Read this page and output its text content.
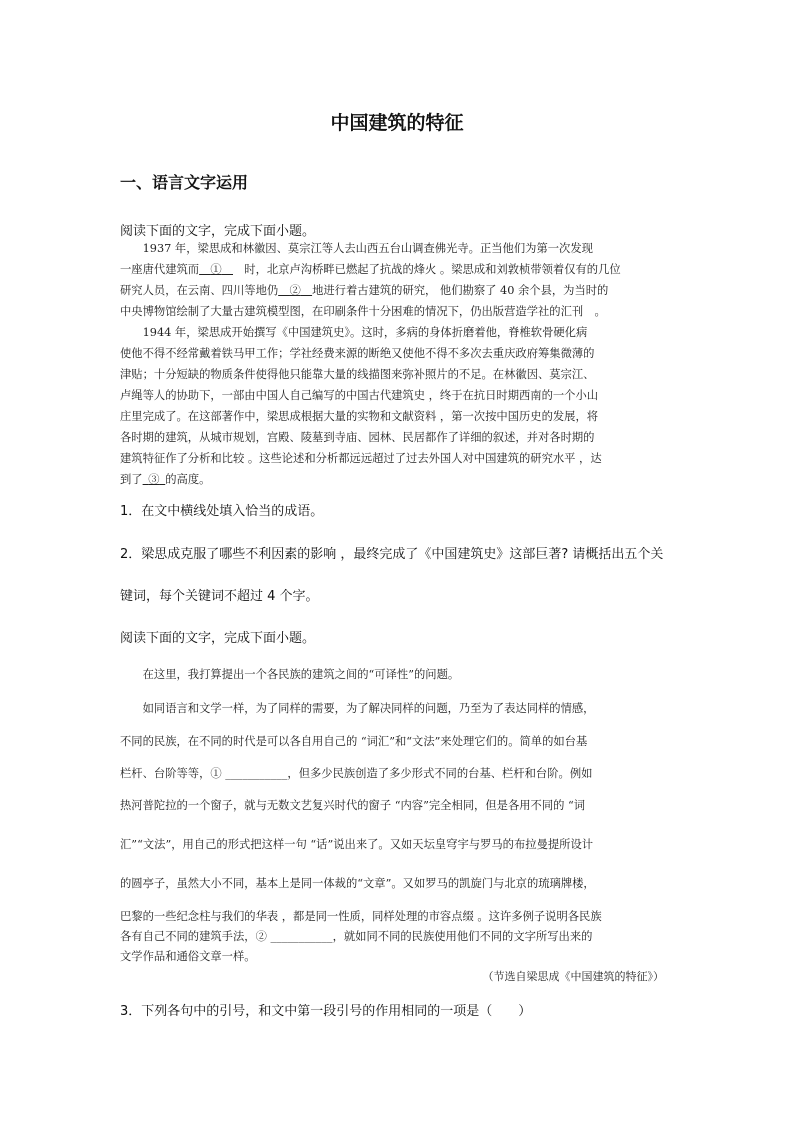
中国建筑的特征
一、语言文字运用
阅读下面的文字，完成下面小题。
　　1937 年，梁思成和林徽因、莫宗江等人去山西五台山调查佛光寺。正当他们为第一次发现
一座唐代建筑而  ① 　时，北京卢沟桥畔已燃起了抗战的烽火 。梁思成和刘敦桢带领着仅有的几位
研究人员，在云南、四川等地仍  ②  地进行着古建筑的研究， 他们勘察了 40 余个县，为当时的
中央博物馆绘制了大量古建筑模型图，在印刷条件十分困难的情况下，仍出版营造学社的汇刊　。
　　1944 年，梁思成开始撰写《中国建筑史》。这时，多病的身体折磨着他，脊椎软骨硬化病
使他不得不经常戴着铁马甲工作；学社经费来源的断绝又使他不得不多次去重庆政府筹集微薄的
津贴；十分短缺的物质条件使得他只能靠大量的线描图来弥补照片的不足。在林徽因、莫宗江、
卢绳等人的协助下，一部由中国人自己编写的中国古代建筑史 ，终于在抗日时期西南的一个小山
庄里完成了。在这部著作中，梁思成根据大量的实物和文献资料 ，第一次按中国历史的发展，将
各时期的建筑，从城市规划，宫殿、陵墓到寺庙、园林、民居都作了详细的叙述，并对各时期的
建筑特征作了分析和比较 。这些论述和分析都远远超过了过去外国人对中国建筑的研究水平 ，达
到了  ③  的高度。
1．在文中横线处填入恰当的成语。
2．梁思成克服了哪些不利因素的影响 ，最终完成了《中国建筑史》这部巨著? 请概括出五个关
键词，每个关键词不超过 4 个字。
阅读下面的文字，完成下面小题。
　　在这里，我打算提出一个各民族的建筑之间的“可译性”的问题。
　　如同语言和文学一样，为了同样的需要，为了解决同样的问题，乃至为了表达同样的情感，
不同的民族，在不同的时代是可以各自用自己的 “词汇”和“文法”来处理它们的。简单的如台基
栏杆、台阶等等，① ___________，但多少民族创造了多少形式不同的台基、栏杆和台阶。例如
热河普陀拉的一个窗子，就与无数文艺复兴时代的窗子 “内容”完全相同，但是各用不同的 “词
汇”“文法”，用自己的形式把这样一句 “话”说出来了。又如天坛皇穹宇与罗马的布拉曼提所设计
的圆亭子，虽然大小不同，基本上是同一体裁的“文章”。又如罗马的凯旋门与北京的琉璃牌楼，
巴黎的一些纪念柱与我们的华表 ，都是同一性质，同样处理的市容点缀 。这许多例子说明各民族
各有自己不同的建筑手法，② ___________，就如同不同的民族使用他们不同的文字所写出来的
文学作品和通俗文章一样。
（节选自梁思成《中国建筑的特征》）
3．下列各句中的引号，和文中第一段引号的作用相同的一项是（　　）
